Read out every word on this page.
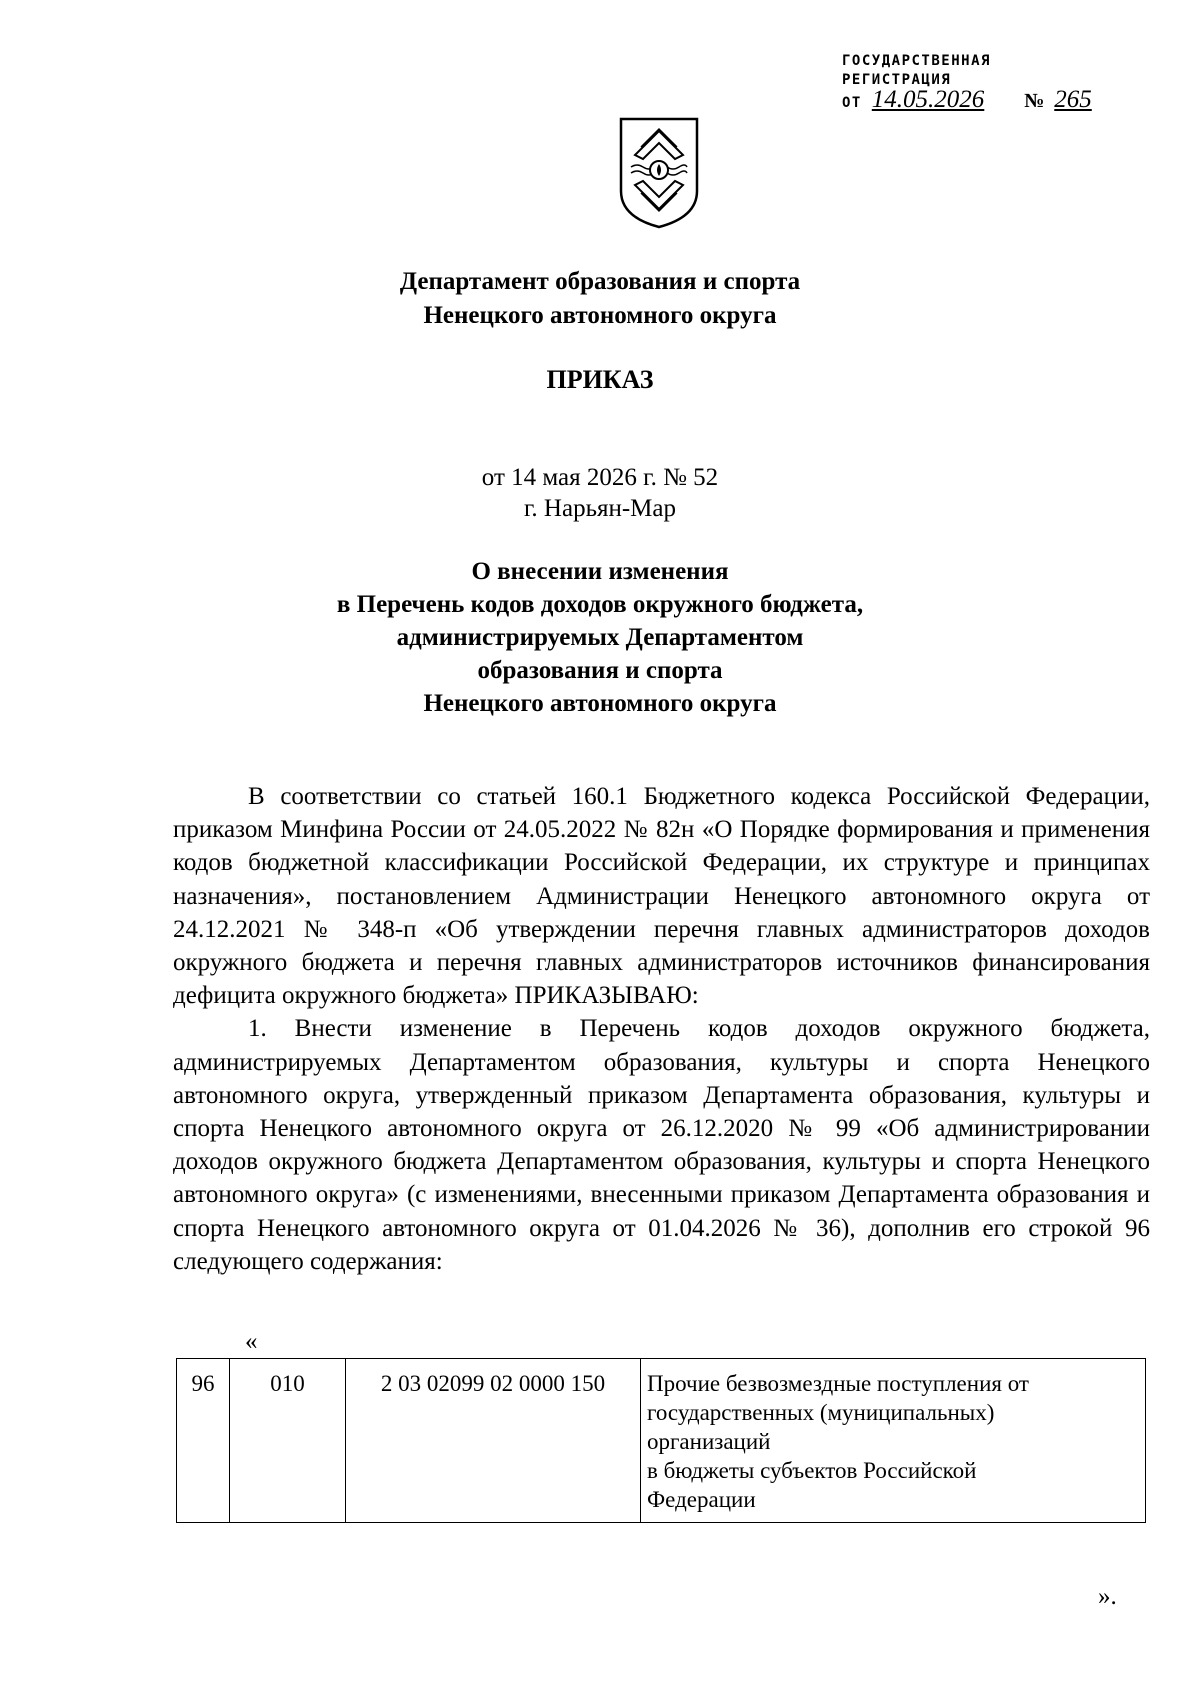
ГОСУДАРСТВЕННАЯ
РЕГИСТРАЦИЯ
ОТ 14.05.2026 № 265
Департамент образования и спорта
Ненецкого автономного округа
ПРИКАЗ
от 14 мая 2026 г. № 52
г. Нарьян-Мар
О внесении изменения
в Перечень кодов доходов окружного бюджета,
администрируемых Департаментом
образования и спорта
Ненецкого автономного округа

В соответствии со статьей 160.1 Бюджетного кодекса Российской Федерации, приказом Минфина России от 24.05.2022 № 82н «О Порядке формирования и применения кодов бюджетной классификации Российской Федерации, их структуре и принципах назначения», постановлением Администрации Ненецкого автономного округа от 24.12.2021 № 348-п «Об утверждении перечня главных администраторов доходов окружного бюджета и перечня главных администраторов источников финансирования дефицита окружного бюджета» ПРИКАЗЫВАЮ:

1. Внести изменение в Перечень кодов доходов окружного бюджета, администрируемых Департаментом образования, культуры и спорта Ненецкого автономного округа, утвержденный приказом Департамента образования, культуры и спорта Ненецкого автономного округа от 26.12.2020 № 99 «Об администрировании доходов окружного бюджета Департаментом образования, культуры и спорта Ненецкого автономного округа» (с изменениями, внесенными приказом Департамента образования и спорта Ненецкого автономного округа от 01.04.2026 № 36), дополнив его строкой 96 следующего содержания:

«
96	010	2 03 02099 02 0000 150	Прочие безвозмездные поступления от
государственных (муниципальных)
организаций
в бюджеты субъектов Российской
Федерации
».
